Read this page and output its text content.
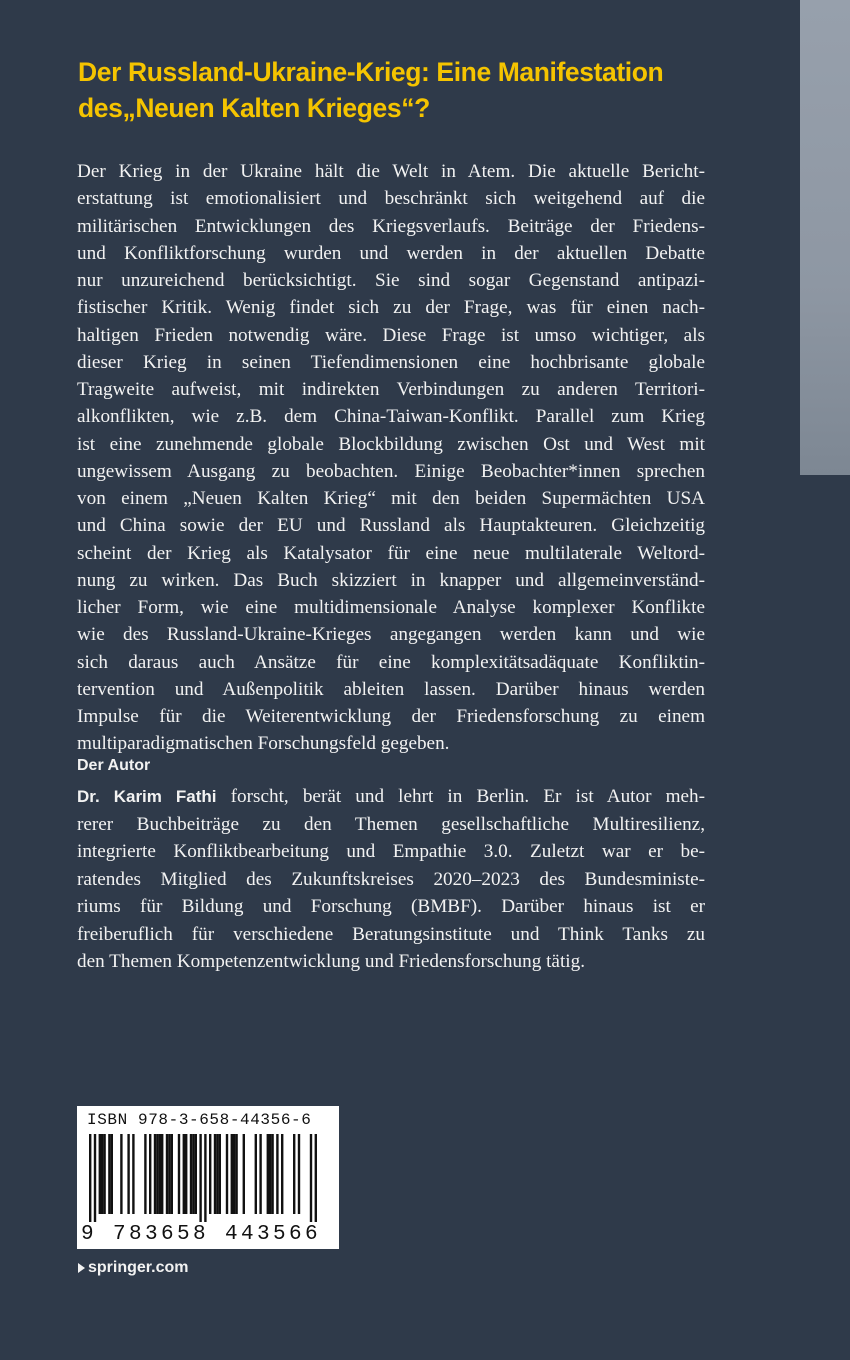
Der Russland-Ukraine-Krieg: Eine Manifestation
des„Neuen Kalten Krieges“?
Der Krieg in der Ukraine hält die Welt in Atem. Die aktuelle Bericht-
erstattung ist emotionalisiert und beschränkt sich weitgehend auf die
militärischen Entwicklungen des Kriegsverlaufs. Beiträge der Friedens-
und Konfliktforschung wurden und werden in der aktuellen Debatte
nur unzureichend berücksichtigt. Sie sind sogar Gegenstand antipazi-
fistischer Kritik. Wenig findet sich zu der Frage, was für einen nach-
haltigen Frieden notwendig wäre. Diese Frage ist umso wichtiger, als
dieser Krieg in seinen Tiefendimensionen eine hochbrisante globale
Tragweite aufweist, mit indirekten Verbindungen zu anderen Territori-
alkonflikten, wie z.B. dem China-Taiwan-Konflikt. Parallel zum Krieg
ist eine zunehmende globale Blockbildung zwischen Ost und West mit
ungewissem Ausgang zu beobachten. Einige Beobachter*innen sprechen
von einem „Neuen Kalten Krieg“ mit den beiden Supermächten USA
und China sowie der EU und Russland als Hauptakteuren. Gleichzeitig
scheint der Krieg als Katalysator für eine neue multilaterale Weltord-
nung zu wirken. Das Buch skizziert in knapper und allgemeinverständ-
licher Form, wie eine multidimensionale Analyse komplexer Konflikte
wie des Russland-Ukraine-Krieges angegangen werden kann und wie
sich daraus auch Ansätze für eine komplexitätsadäquate Konfliktin-
tervention und Außenpolitik ableiten lassen. Darüber hinaus werden
Impulse für die Weiterentwicklung der Friedensforschung zu einem
multiparadigmatischen Forschungsfeld gegeben.
Der Autor
Dr. Karim Fathi forscht, berät und lehrt in Berlin. Er ist Autor meh-
rerer Buchbeiträge zu den Themen gesellschaftliche Multiresilienz,
integrierte Konfliktbearbeitung und Empathie 3.0. Zuletzt war er be-
ratendes Mitglied des Zukunftskreises 2020–2023 des Bundesministe-
riums für Bildung und Forschung (BMBF). Darüber hinaus ist er
freiberuflich für verschiedene Beratungsinstitute und Think Tanks zu
den Themen Kompetenzentwicklung und Friedensforschung tätig.
ISBN 978-3-658-44356-6
9 783658 443566
springer.com
